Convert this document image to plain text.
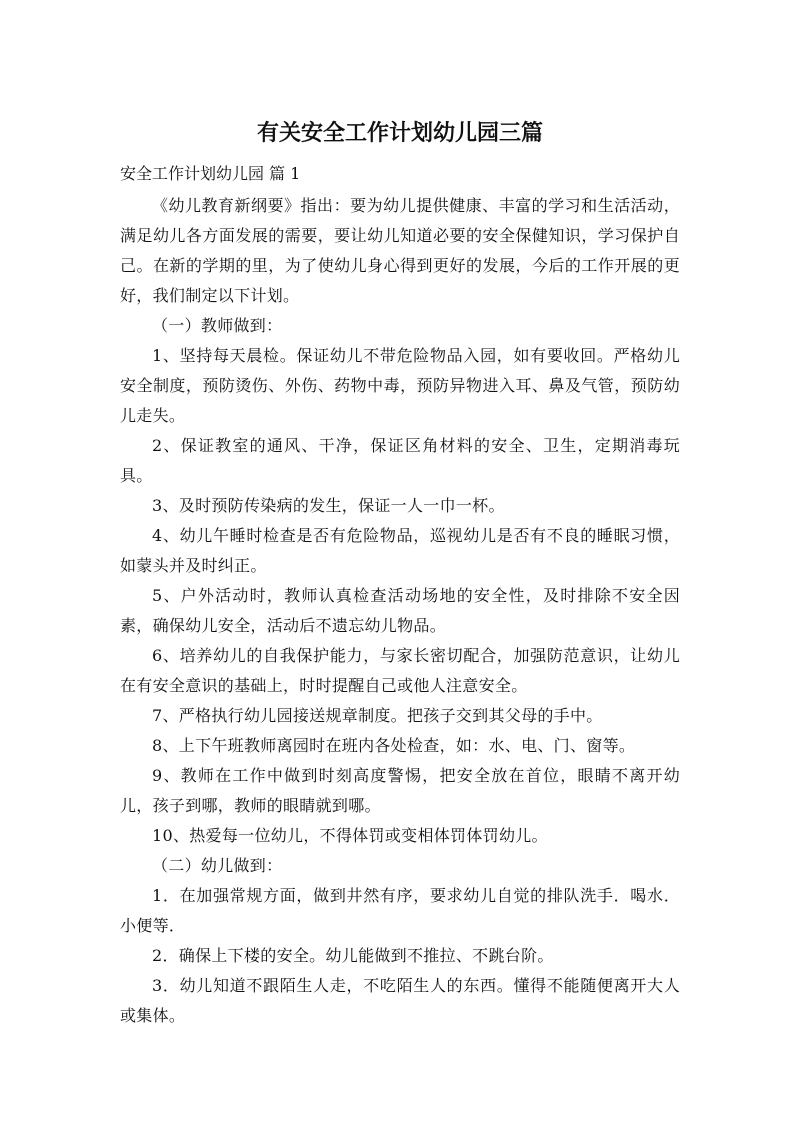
有关安全工作计划幼儿园三篇

安全工作计划幼儿园 篇 1

《幼儿教育新纲要》指出：要为幼儿提供健康、丰富的学习和生活活动，满足幼儿各方面发展的需要，要让幼儿知道必要的安全保健知识，学习保护自己。在新的学期的里，为了使幼儿身心得到更好的发展，今后的工作开展的更好，我们制定以下计划。

（一）教师做到：

1、坚持每天晨检。保证幼儿不带危险物品入园，如有要收回。严格幼儿安全制度，预防烫伤、外伤、药物中毒，预防异物进入耳、鼻及气管，预防幼儿走失。

2、保证教室的通风、干净，保证区角材料的安全、卫生，定期消毒玩具。

3、及时预防传染病的发生，保证一人一巾一杯。

4、幼儿午睡时检查是否有危险物品，巡视幼儿是否有不良的睡眠习惯，如蒙头并及时纠正。

5、户外活动时，教师认真检查活动场地的安全性，及时排除不安全因素，确保幼儿安全，活动后不遗忘幼儿物品。

6、培养幼儿的自我保护能力，与家长密切配合，加强防范意识，让幼儿在有安全意识的基础上，时时提醒自己或他人注意安全。

7、严格执行幼儿园接送规章制度。把孩子交到其父母的手中。

8、上下午班教师离园时在班内各处检查，如：水、电、门、窗等。

9、教师在工作中做到时刻高度警惕，把安全放在首位，眼睛不离开幼儿，孩子到哪，教师的眼睛就到哪。

10、热爱每一位幼儿，不得体罚或变相体罚体罚幼儿。

（二）幼儿做到：

1．在加强常规方面，做到井然有序，要求幼儿自觉的排队洗手．喝水．小便等．

2．确保上下楼的安全。幼儿能做到不推拉、不跳台阶。

3．幼儿知道不跟陌生人走，不吃陌生人的东西。懂得不能随便离开大人或集体。
